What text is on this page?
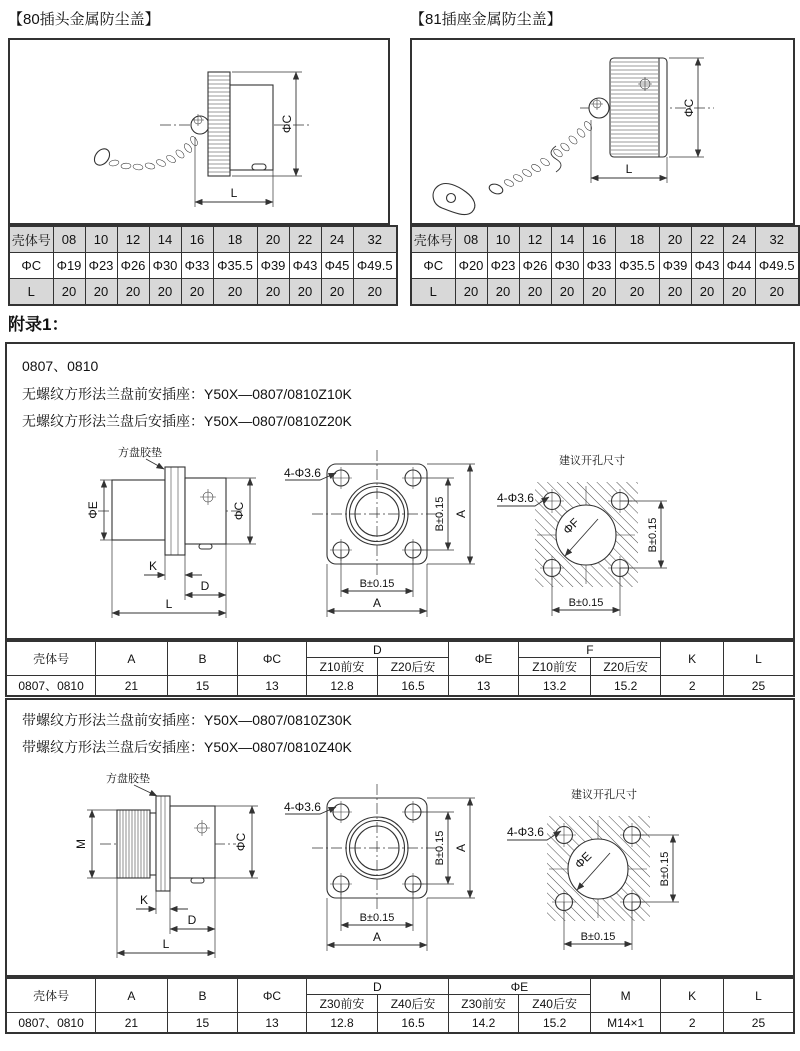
【80插头金属防尘盖】	【81插座金属防尘盖】
ΦC
L
ΦC
L
壳体号	08	10	12	14	16	18	20	22	24	32
ΦC	Φ19	Φ23	Φ26	Φ30	Φ33	Φ35.5	Φ39	Φ43	Φ45	Φ49.5
L	20	20	20	20	20	20	20	20	20	20
壳体号	08	10	12	14	16	18	20	22	24	32
ΦC	Φ20	Φ23	Φ26	Φ30	Φ33	Φ35.5	Φ39	Φ43	Φ44	Φ49.5
L	20	20	20	20	20	20	20	20	20	20
附录1：
0807、0810
无螺纹方形法兰盘前安插座：Y50X—0807/0810Z10K
无螺纹方形法兰盘后安插座：Y50X—0807/0810Z20K
方盘胶垫
ΦE	ΦC
K
D
L
4-Φ3.6
B±0.15 A
B±0.15
A
建议开孔尺寸
ΦF
4-Φ3.6
B±0.15
B±0.15
壳体号	A	B	ΦC	D		ΦE	F		K	L
				Z10前安	Z20后安		Z10前安	Z20后安		
0807、0810	21	15	13	12.8	16.5	13	13.2	15.2	2	25
带螺纹方形法兰盘前安插座：Y50X—0807/0810Z30K
带螺纹方形法兰盘后安插座：Y50X—0807/0810Z40K
方盘胶垫
M	ΦC
K
D
L
4-Φ3.6
B±0.15 A
B±0.15
A
建议开孔尺寸
ΦE
4-Φ3.6
B±0.15
B±0.15
壳体号	A	B	ΦC	D		ΦE		M	K	L
				Z30前安	Z40后安	Z30前安	Z40后安			
0807、0810	21	15	13	12.8	16.5	14.2	15.2	M14×1	2	25
